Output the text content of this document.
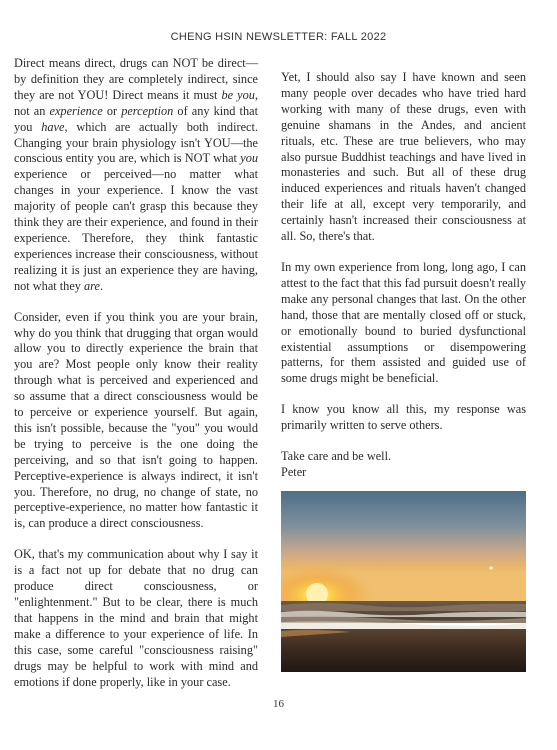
CHENG HSIN NEWSLETTER: FALL 2022

Direct means direct, drugs can NOT be direct—by definition they are completely indirect, since they are not YOU! Direct means it must be you, not an experience or perception of any kind that you have, which are actually both indirect. Changing your brain physiology isn't YOU—the conscious entity you are, which is NOT what you experience or perceived—no matter what changes in your experience. I know the vast majority of people can't grasp this because they think they are their experience, and found in their experience. Therefore, they think fantastic experiences increase their consciousness, without realizing it is just an experience they are having, not what they are.

Consider, even if you think you are your brain, why do you think that drugging that organ would allow you to directly experience the brain that you are? Most people only know their reality through what is perceived and experienced and so assume that a direct consciousness would be to perceive or experience yourself. But again, this isn't possible, because the "you" you would be trying to perceive is the one doing the perceiving, and so that isn't going to happen. Perceptive-experience is always indirect, it isn't you. Therefore, no drug, no change of state, no perceptive-experience, no matter how fantastic it is, can produce a direct consciousness.

OK, that's my communication about why I say it is a fact not up for debate that no drug can produce direct consciousness, or "enlightenment." But to be clear, there is much that happens in the mind and brain that might make a difference to your experience of life. In this case, some careful "consciousness raising" drugs may be helpful to work with mind and emotions if done properly, like in your case.

Yet, I should also say I have known and seen many people over decades who have tried hard working with many of these drugs, even with genuine shamans in the Andes, and ancient rituals, etc. These are true believers, who may also pursue Buddhist teachings and have lived in monasteries and such. But all of these drug induced experiences and rituals haven't changed their life at all, except very temporarily, and certainly hasn't increased their consciousness at all. So, there's that.

In my own experience from long, long ago, I can attest to the fact that this fad pursuit doesn't really make any personal changes that last. On the other hand, those that are mentally closed off or stuck, or emotionally bound to buried dysfunctional existential assumptions or disempowering patterns, for them assisted and guided use of some drugs might be beneficial.

I know you know all this, my response was primarily written to serve others.

Take care and be well.

Peter

16
